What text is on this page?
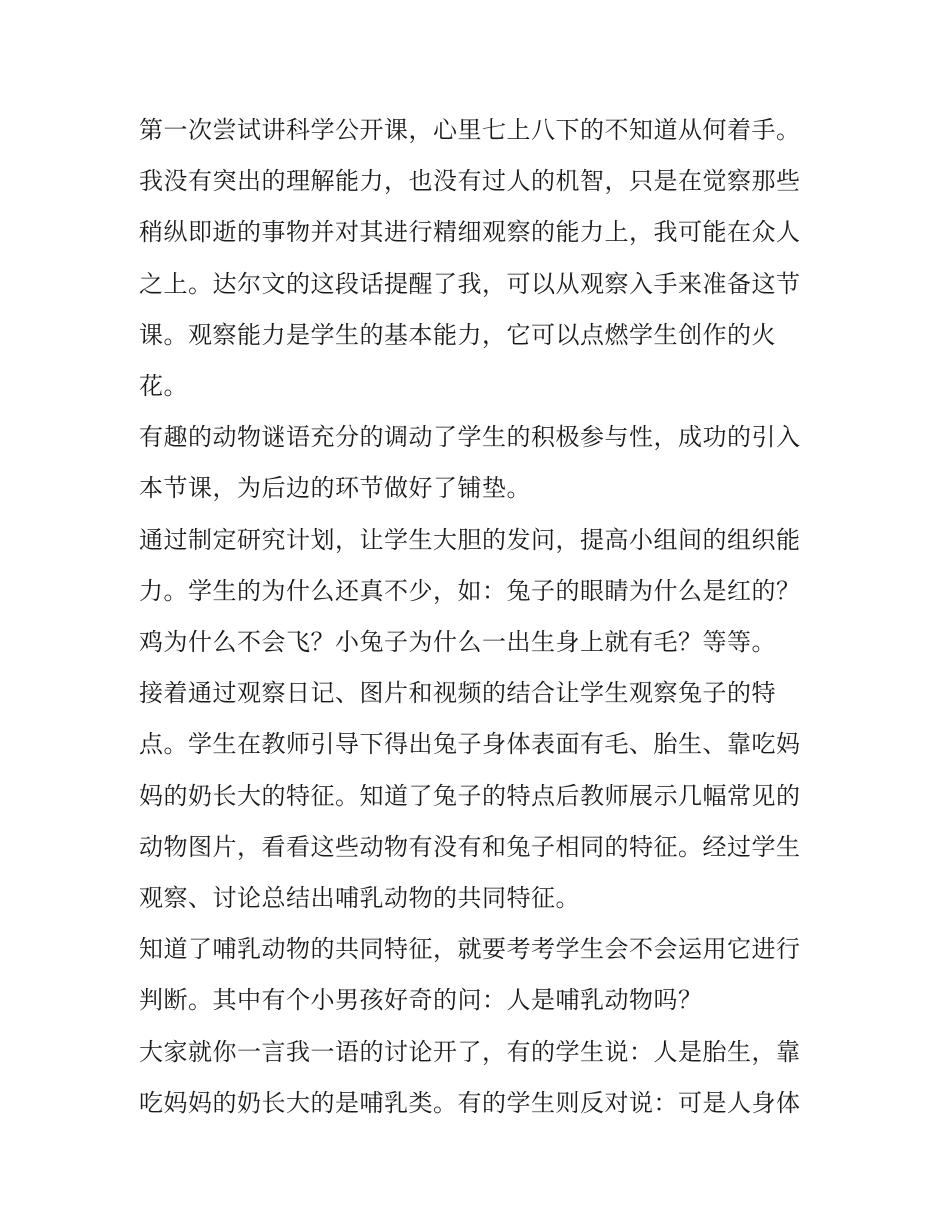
第一次尝试讲科学公开课，心里七上八下的不知道从何着手。我没有突出的理解能力，也没有过人的机智，只是在觉察那些稍纵即逝的事物并对其进行精细观察的能力上，我可能在众人之上。达尔文的这段话提醒了我，可以从观察入手来准备这节课。观察能力是学生的基本能力，它可以点燃学生创作的火花。

有趣的动物谜语充分的调动了学生的积极参与性，成功的引入本节课，为后边的环节做好了铺垫。

通过制定研究计划，让学生大胆的发问，提高小组间的组织能力。学生的为什么还真不少，如：兔子的眼睛为什么是红的？鸡为什么不会飞？小兔子为什么一出生身上就有毛？等等。

接着通过观察日记、图片和视频的结合让学生观察兔子的特点。学生在教师引导下得出兔子身体表面有毛、胎生、靠吃妈妈的奶长大的特征。知道了兔子的特点后教师展示几幅常见的动物图片，看看这些动物有没有和兔子相同的特征。经过学生观察、讨论总结出哺乳动物的共同特征。

知道了哺乳动物的共同特征，就要考考学生会不会运用它进行判断。其中有个小男孩好奇的问：人是哺乳动物吗？

大家就你一言我一语的讨论开了，有的学生说：人是胎生，靠吃妈妈的奶长大的是哺乳类。有的学生则反对说：可是人身体
